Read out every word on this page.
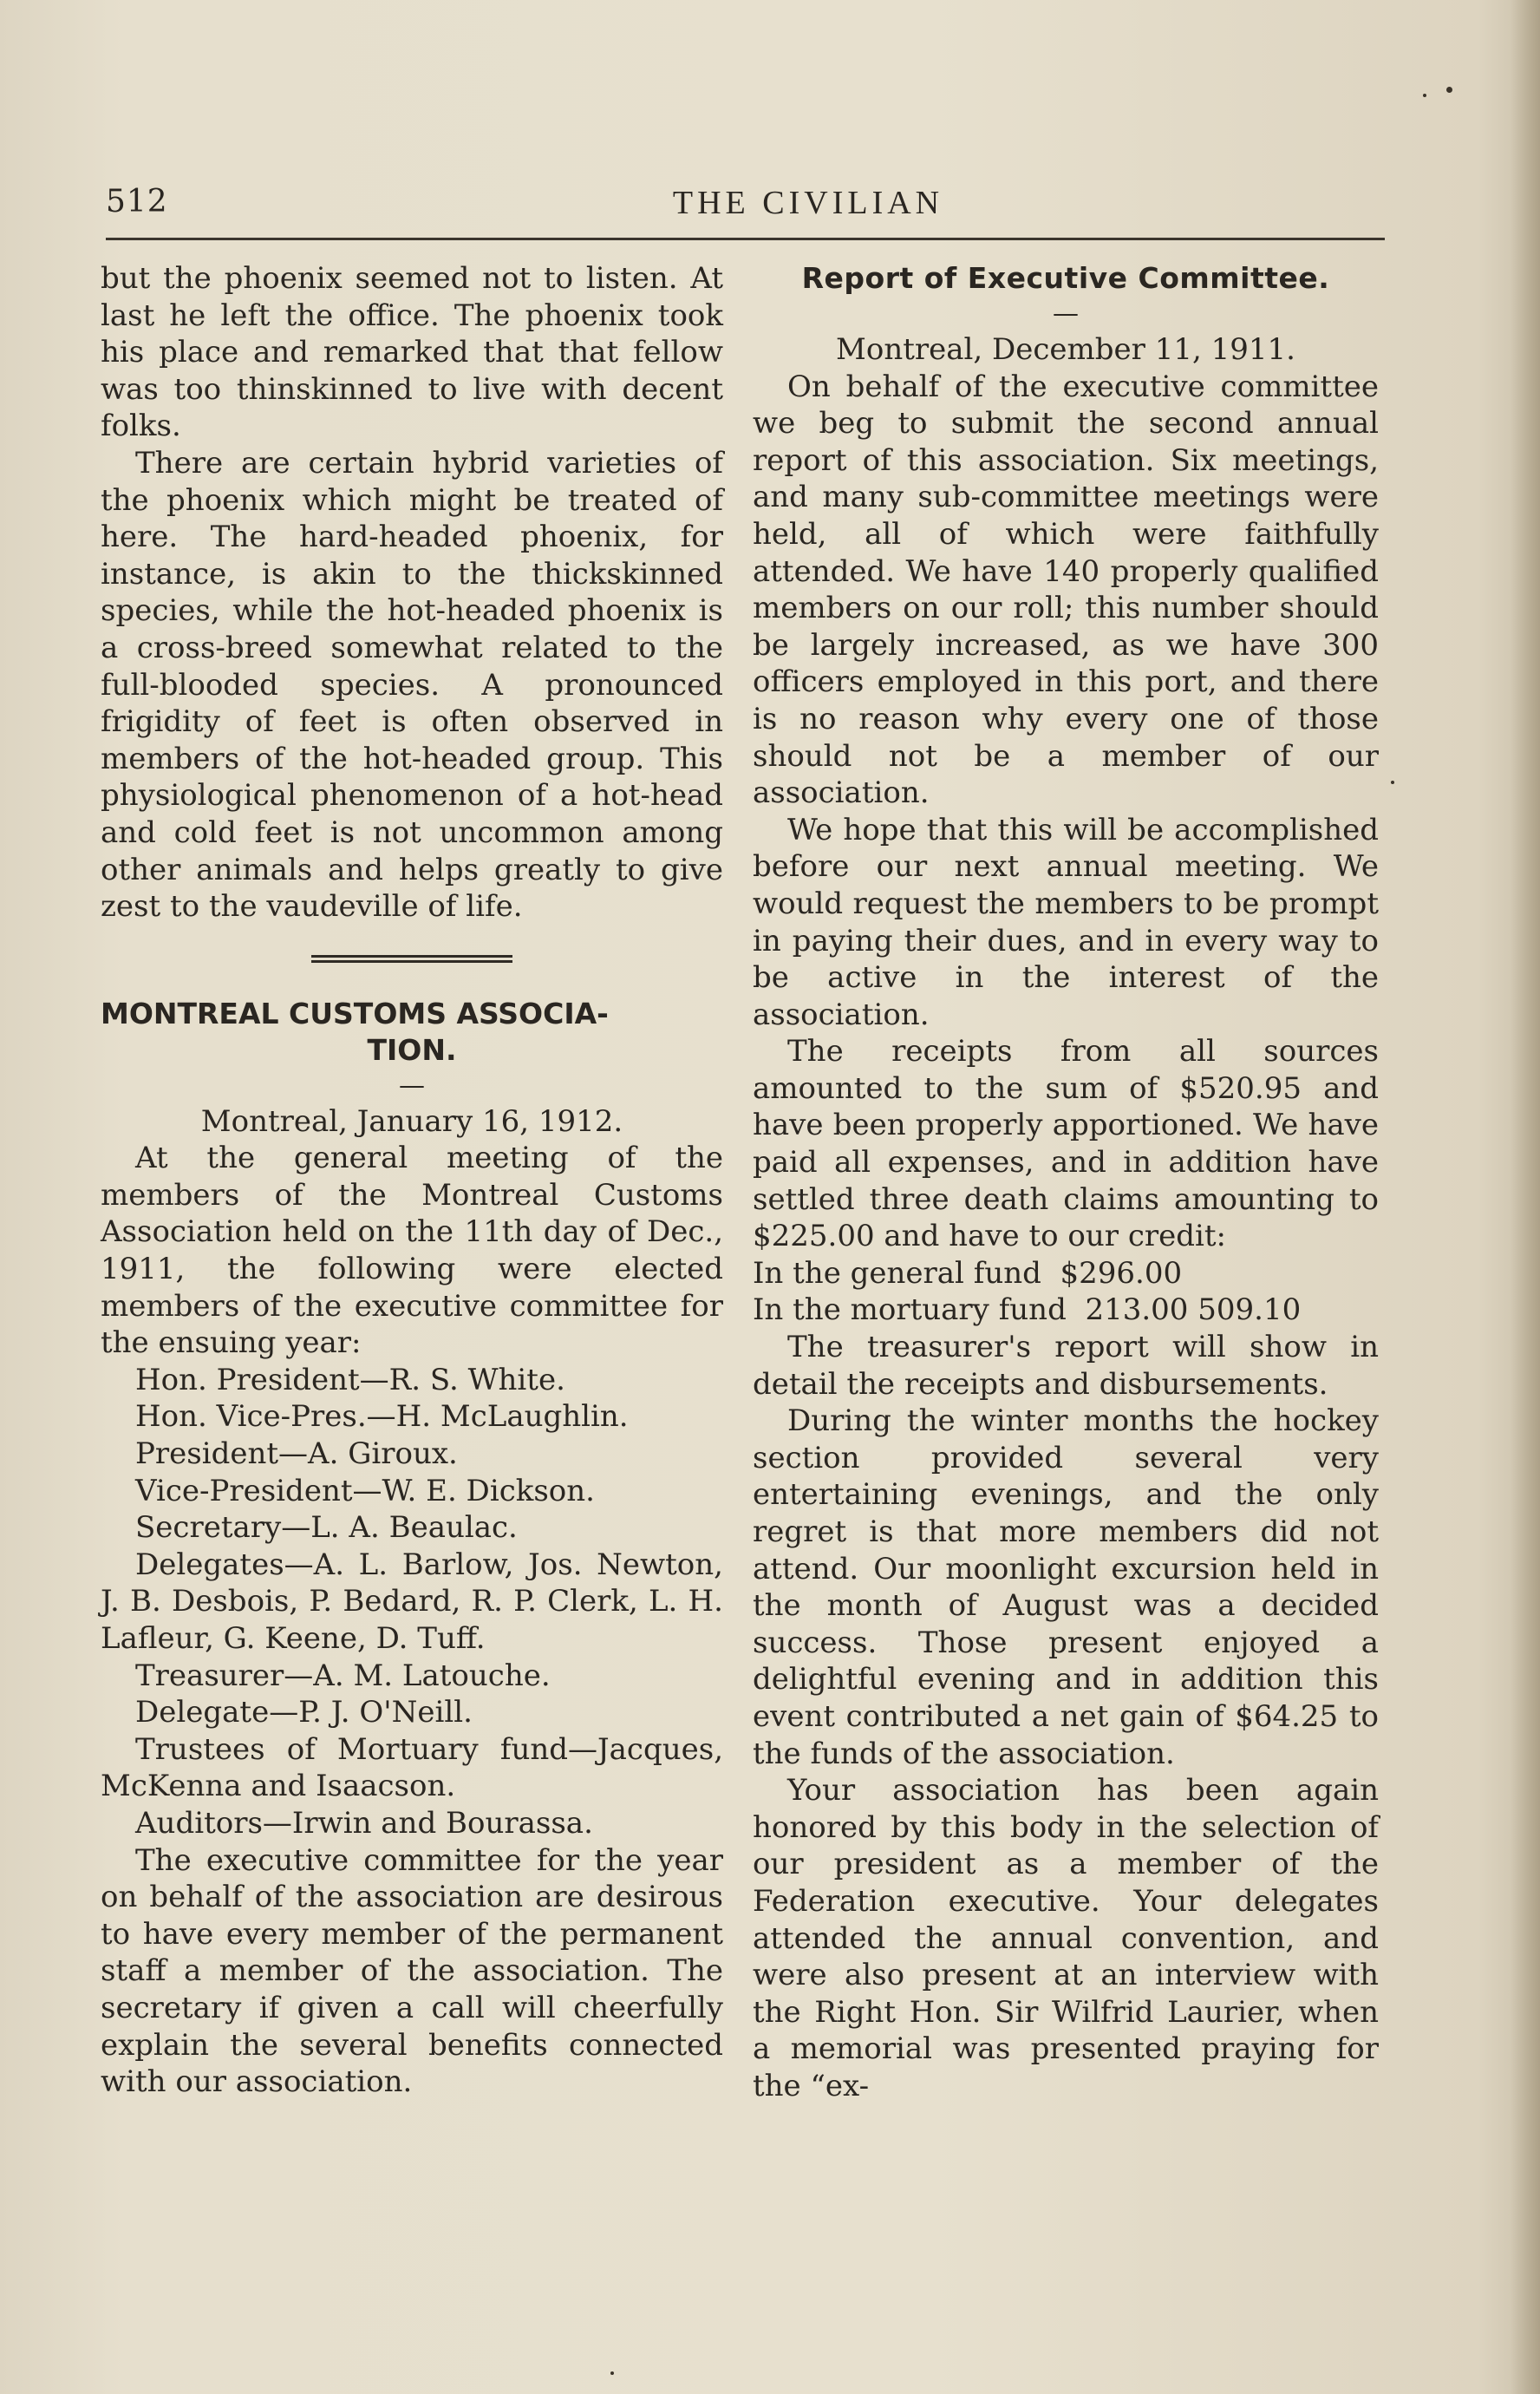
512	THE CIVILIAN

but the phoenix seemed not to listen. At last he left the office. The phoenix took his place and remarked that that fellow was too thinskinned to live with decent folks.

There are certain hybrid varieties of the phoenix which might be treated of here. The hard-headed phoenix, for instance, is akin to the thickskinned species, while the hot-headed phoenix is a cross-breed somewhat related to the full-blooded species. A pronounced frigidity of feet is often observed in members of the hot-headed group. This physiological phenomenon of a hot-head and cold feet is not uncommon among other animals and helps greatly to give zest to the vaudeville of life.

MONTREAL CUSTOMS ASSOCIA-
TION.

—

Montreal, January 16, 1912.

At the general meeting of the members of the Montreal Customs Association held on the 11th day of Dec., 1911, the following were elected members of the executive committee for the ensuing year:

Hon. President—R. S. White.

Hon. Vice-Pres.—H. McLaughlin.

President—A. Giroux.

Vice-President—W. E. Dickson.

Secretary—L. A. Beaulac.

Delegates—A. L. Barlow, Jos. Newton, J. B. Desbois, P. Bedard, R. P. Clerk, L. H. Lafleur, G. Keene, D. Tuff.

Treasurer—A. M. Latouche.

Delegate—P. J. O'Neill.

Trustees of Mortuary fund—Jacques, McKenna and Isaacson.

Auditors—Irwin and Bourassa.

The executive committee for the year on behalf of the association are desirous to have every member of the permanent staff a member of the association. The secretary if given a call will cheerfully explain the several benefits connected with our association.

Report of Executive Committee.

—

Montreal, December 11, 1911.

On behalf of the executive committee we beg to submit the second annual report of this association. Six meetings, and many sub-committee meetings were held, all of which were faithfully attended. We have 140 properly qualified members on our roll; this number should be largely increased, as we have 300 officers employed in this port, and there is no reason why every one of those should not be a member of our association.

We hope that this will be accomplished before our next annual meeting. We would request the members to be prompt in paying their dues, and in every way to be active in the interest of the association.

The receipts from all sources amounted to the sum of $520.95 and have been properly apportioned. We have paid all expenses, and in addition have settled three death claims amounting to $225.00 and have to our credit:

In the general fund $296.00

In the mortuary fund 213.00 509.10

The treasurer's report will show in detail the receipts and disbursements.

During the winter months the hockey section provided several very entertaining evenings, and the only regret is that more members did not attend. Our moonlight excursion held in the month of August was a decided success. Those present enjoyed a delightful evening and in addition this event contributed a net gain of $64.25 to the funds of the association.

Your association has been again honored by this body in the selection of our president as a member of the Federation executive. Your delegates attended the annual convention, and were also present at an interview with the Right Hon. Sir Wilfrid Laurier, when a memorial was presented praying for the “ex-
